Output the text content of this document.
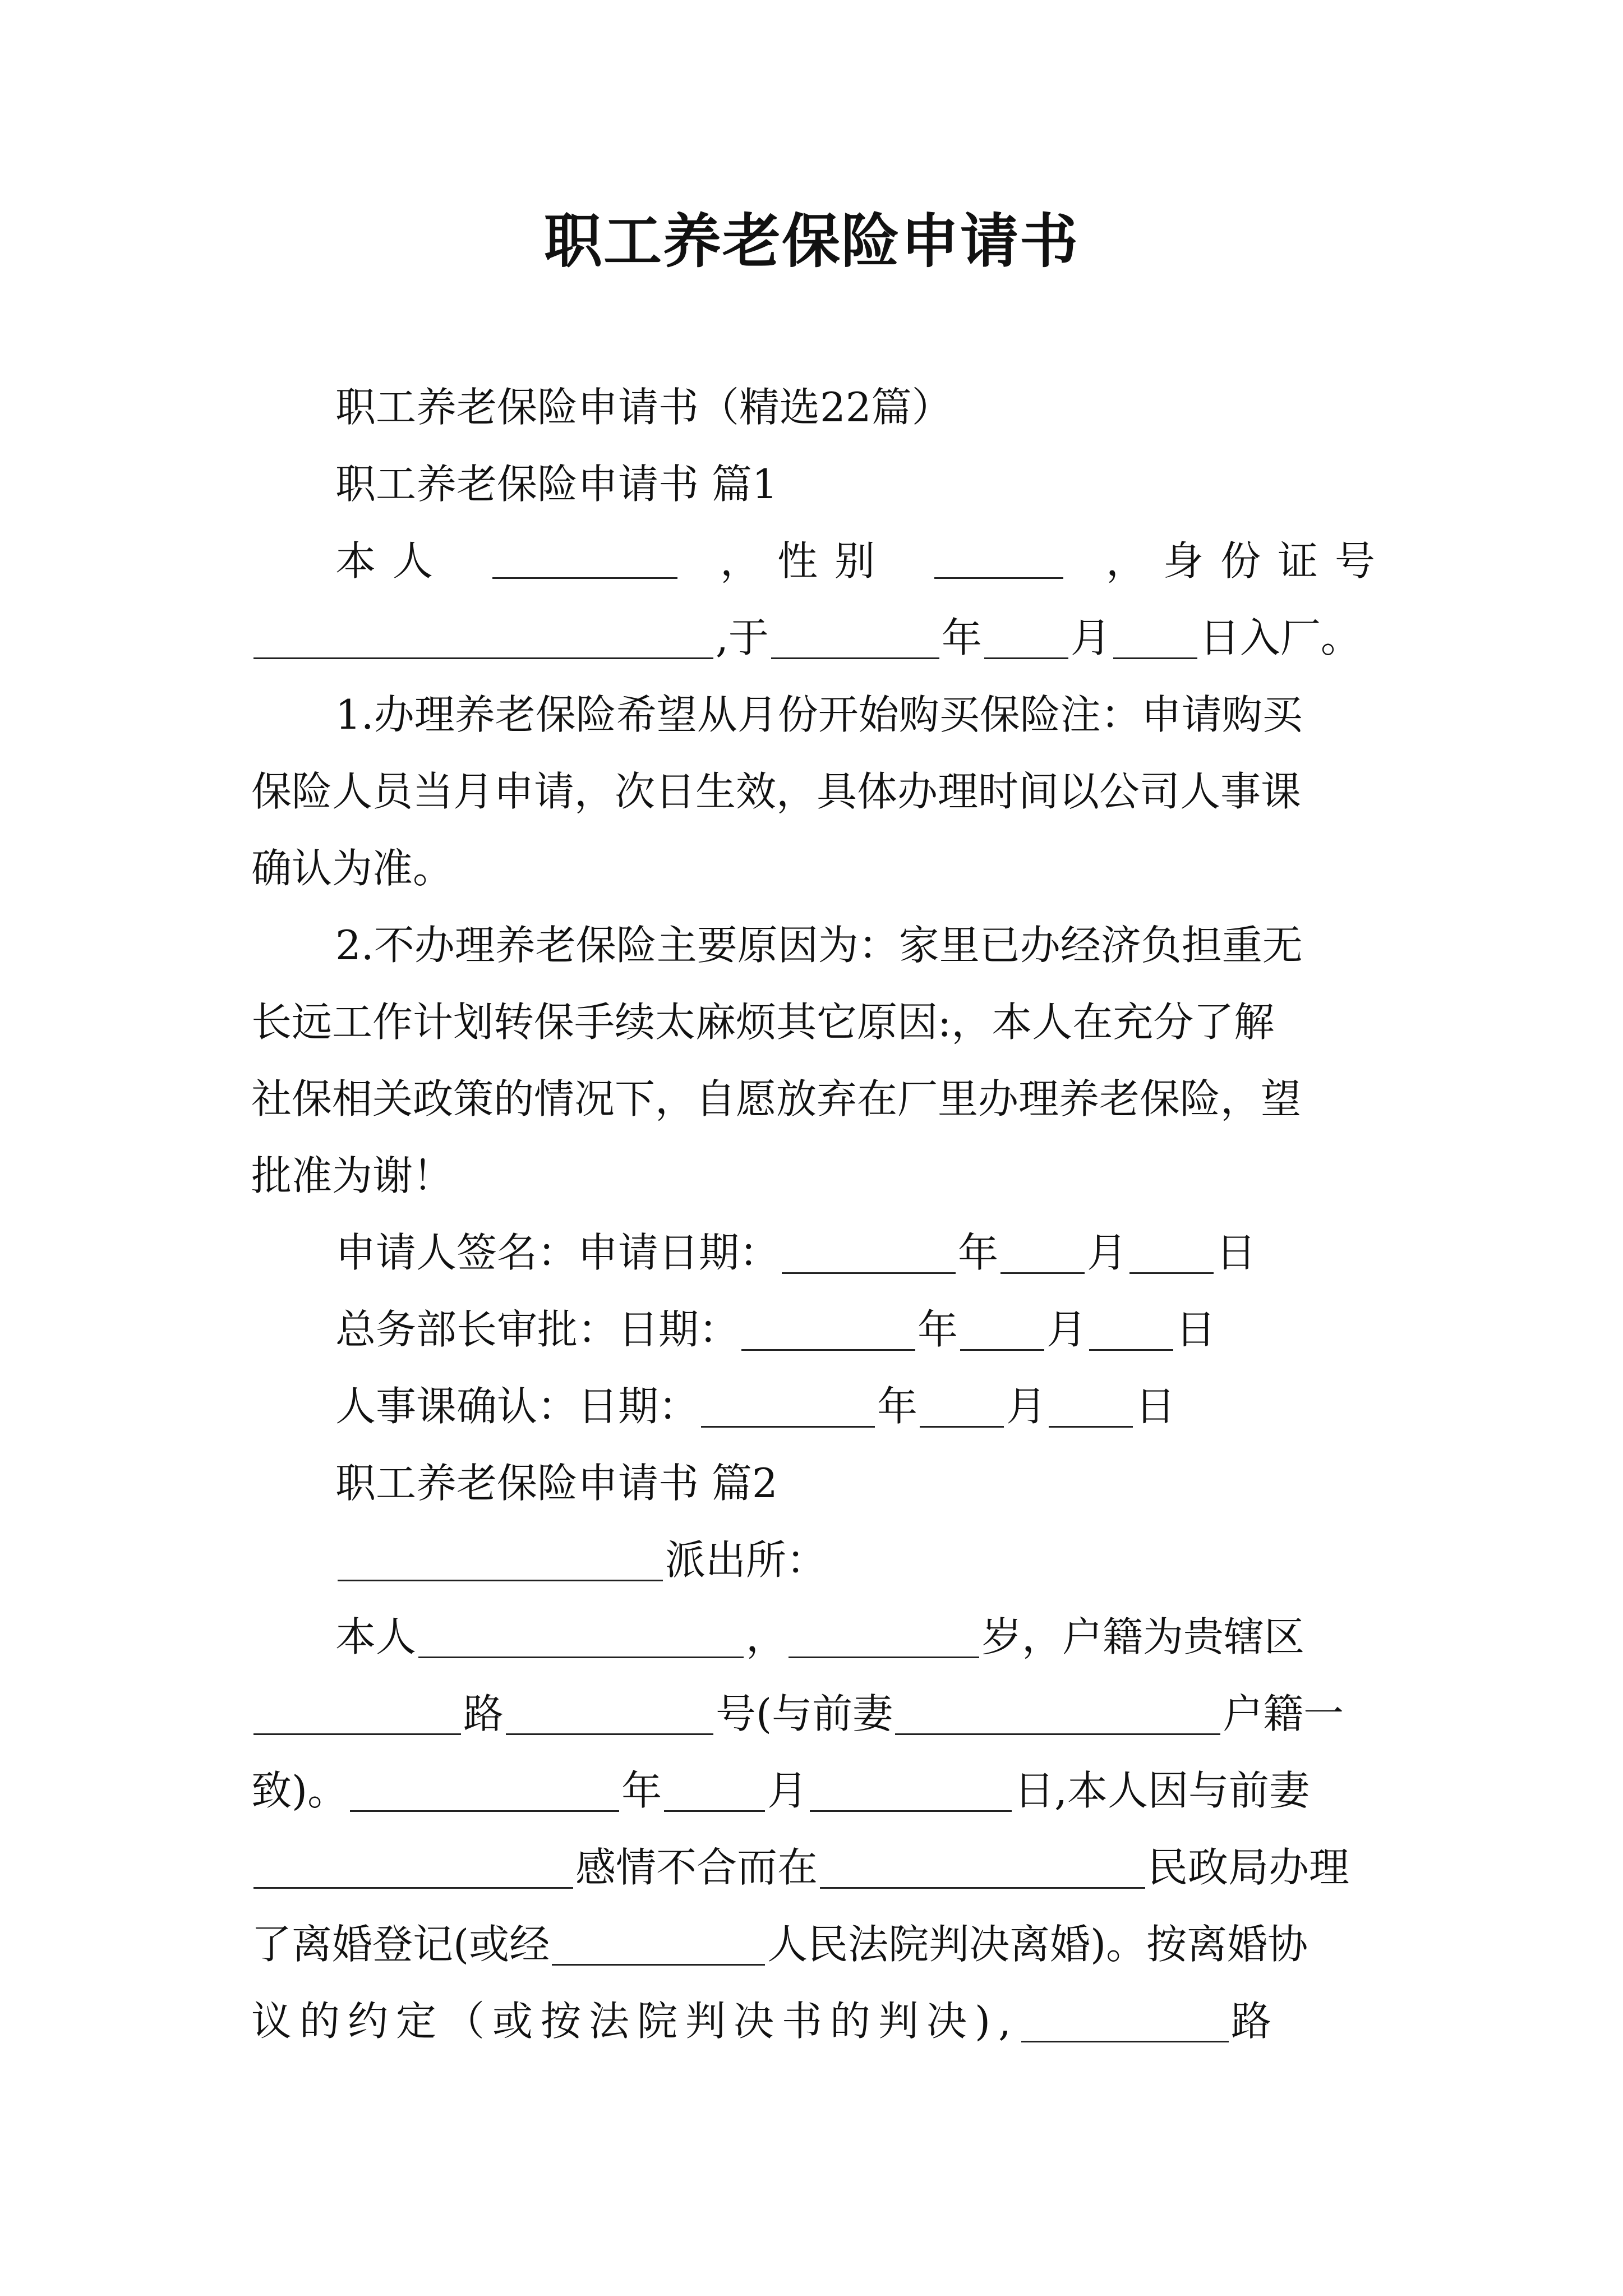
职工养老保险申请书
职工养老保险申请书（精选22篇）
职工养老保险申请书 篇1
本人	，性别	，身份证号
,于	年 月 日入厂。
1.办理养老保险希望从月份开始购买保险注：申请购买
保险人员当月申请，次日生效，具体办理时间以公司人事课
确认为准。
2.不办理养老保险主要原因为：家里已办经济负担重无
长远工作计划转保手续太麻烦其它原因:，本人在充分了解
社保相关政策的情况下，自愿放弃在厂里办理养老保险，望
批准为谢！
申请人签名：申请日期：	年 月 日
总务部长审批：日期：	年 月 日
人事课确认：日期：	年 月 日
职工养老保险申请书 篇2
派出所：
本人	，	岁，户籍为贵辖区
路	号(与前妻	户籍一
致)。	年	月	日,本人因与前妻
感情不合而在	民政局办理
了离婚登记(或经	人民法院判决离婚)。按离婚协
议的约定（或按法院判决书的判决),	路
